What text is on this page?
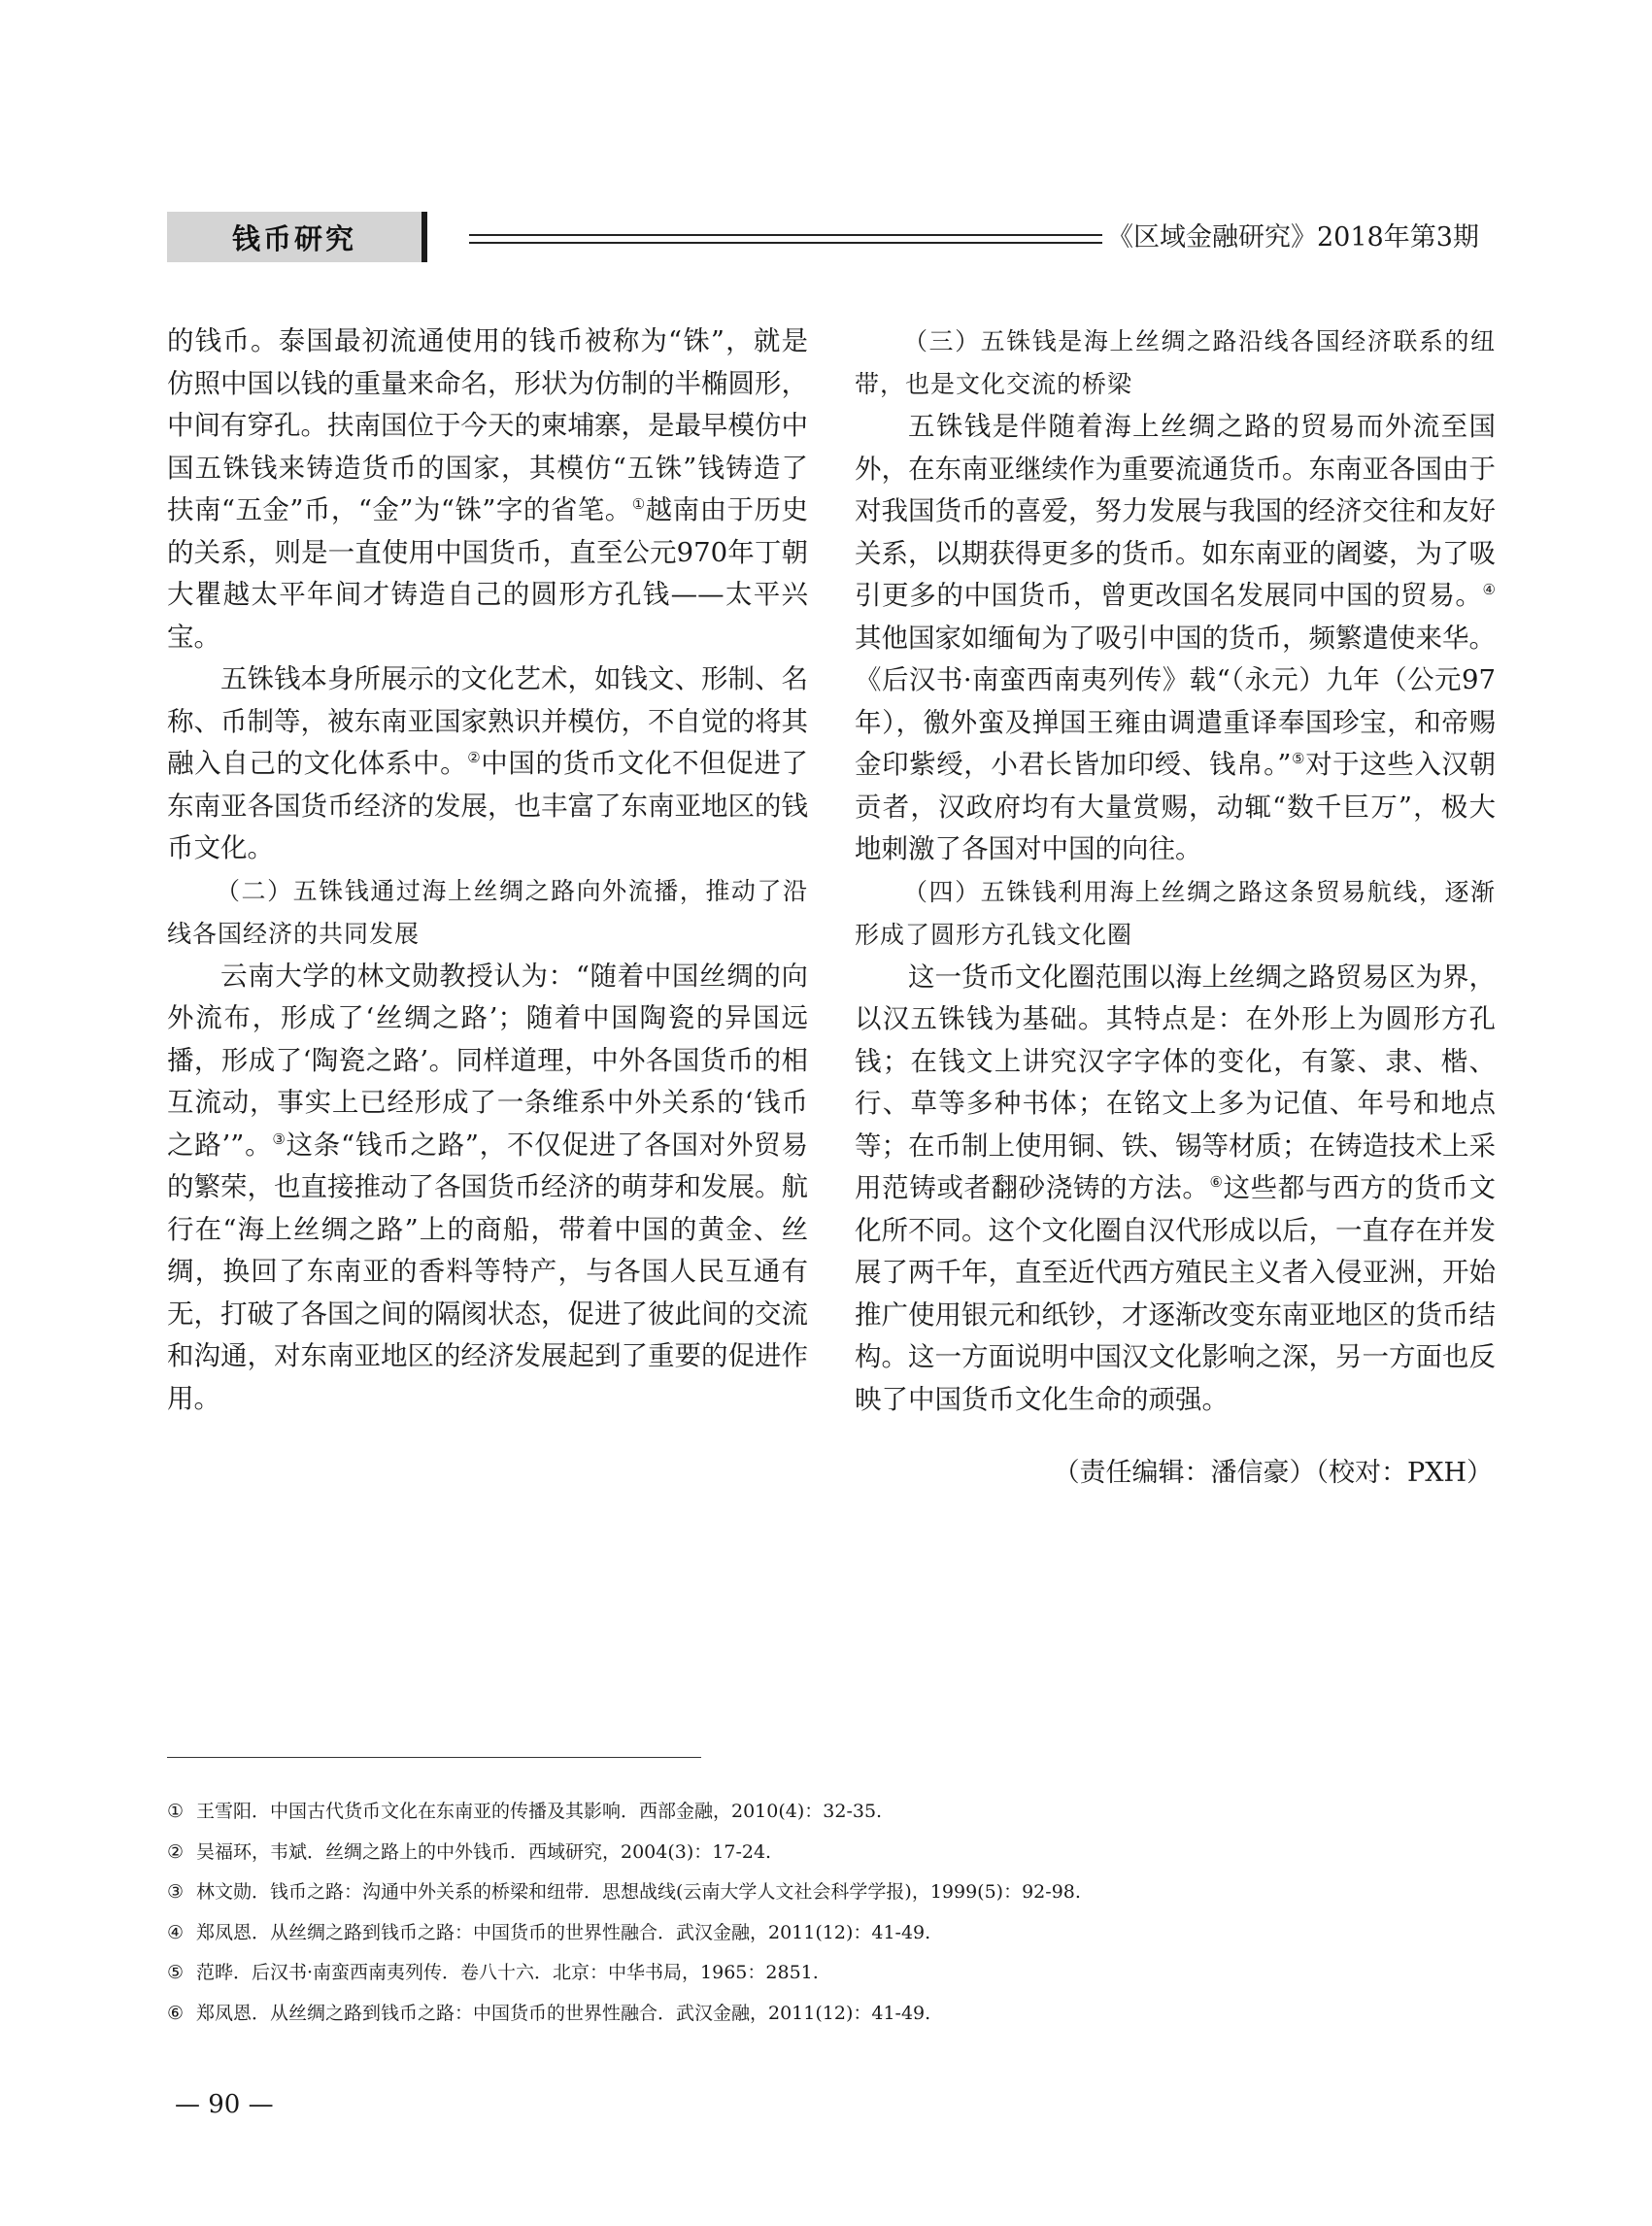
钱币研究	《区域金融研究》2018年第3期

的钱币。泰国最初流通使用的钱币被称为“铢”，就是仿照中国以钱的重量来命名，形状为仿制的半椭圆形，中间有穿孔。扶南国位于今天的柬埔寨，是最早模仿中国五铢钱来铸造货币的国家，其模仿“五铢”钱铸造了扶南“五金”币，“金”为“铢”字的省笔。①越南由于历史的关系，则是一直使用中国货币，直至公元970年丁朝大瞿越太平年间才铸造自己的圆形方孔钱——太平兴宝。

五铢钱本身所展示的文化艺术，如钱文、形制、名称、币制等，被东南亚国家熟识并模仿，不自觉的将其融入自己的文化体系中。②中国的货币文化不但促进了东南亚各国货币经济的发展，也丰富了东南亚地区的钱币文化。

（二）五铢钱通过海上丝绸之路向外流播，推动了沿线各国经济的共同发展

云南大学的林文勋教授认为：“随着中国丝绸的向外流布，形成了‘丝绸之路’；随着中国陶瓷的异国远播，形成了‘陶瓷之路’。同样道理，中外各国货币的相互流动，事实上已经形成了一条维系中外关系的‘钱币之路’”。③这条“钱币之路”，不仅促进了各国对外贸易的繁荣，也直接推动了各国货币经济的萌芽和发展。航行在“海上丝绸之路”上的商船，带着中国的黄金、丝绸，换回了东南亚的香料等特产，与各国人民互通有无，打破了各国之间的隔阂状态，促进了彼此间的交流和沟通，对东南亚地区的经济发展起到了重要的促进作用。

（三）五铢钱是海上丝绸之路沿线各国经济联系的纽带，也是文化交流的桥梁

五铢钱是伴随着海上丝绸之路的贸易而外流至国外，在东南亚继续作为重要流通货币。东南亚各国由于对我国货币的喜爱，努力发展与我国的经济交往和友好关系，以期获得更多的货币。如东南亚的阇婆，为了吸引更多的中国货币，曾更改国名发展同中国的贸易。④其他国家如缅甸为了吸引中国的货币，频繁遣使来华。《后汉书·南蛮西南夷列传》载“（永元）九年（公元97年），徼外蛮及掸国王雍由调遣重译奉国珍宝，和帝赐金印紫绶，小君长皆加印绶、钱帛。”⑤对于这些入汉朝贡者，汉政府均有大量赏赐，动辄“数千巨万”，极大地刺激了各国对中国的向往。

（四）五铢钱利用海上丝绸之路这条贸易航线，逐渐形成了圆形方孔钱文化圈

这一货币文化圈范围以海上丝绸之路贸易区为界，以汉五铢钱为基础。其特点是：在外形上为圆形方孔钱；在钱文上讲究汉字字体的变化，有篆、隶、楷、行、草等多种书体；在铭文上多为记值、年号和地点等；在币制上使用铜、铁、锡等材质；在铸造技术上采用范铸或者翻砂浇铸的方法。⑥这些都与西方的货币文化所不同。这个文化圈自汉代形成以后，一直存在并发展了两千年，直至近代西方殖民主义者入侵亚洲，开始推广使用银元和纸钞，才逐渐改变东南亚地区的货币结构。这一方面说明中国汉文化影响之深，另一方面也反映了中国货币文化生命的顽强。

（责任编辑：潘信豪）（校对：PXH）
① 王雪阳．中国古代货币文化在东南亚的传播及其影响．西部金融，2010(4)：32-35.
② 吴福环，韦斌．丝绸之路上的中外钱币．西域研究，2004(3)：17-24.
③ 林文勋．钱币之路：沟通中外关系的桥梁和纽带．思想战线(云南大学人文社会科学学报)，1999(5)：92-98.
④ 郑凤恩．从丝绸之路到钱币之路：中国货币的世界性融合．武汉金融，2011(12)：41-49.
⑤ 范晔．后汉书·南蛮西南夷列传．卷八十六．北京：中华书局，1965：2851.
⑥ 郑凤恩．从丝绸之路到钱币之路：中国货币的世界性融合．武汉金融，2011(12)：41-49.
— 90 —
